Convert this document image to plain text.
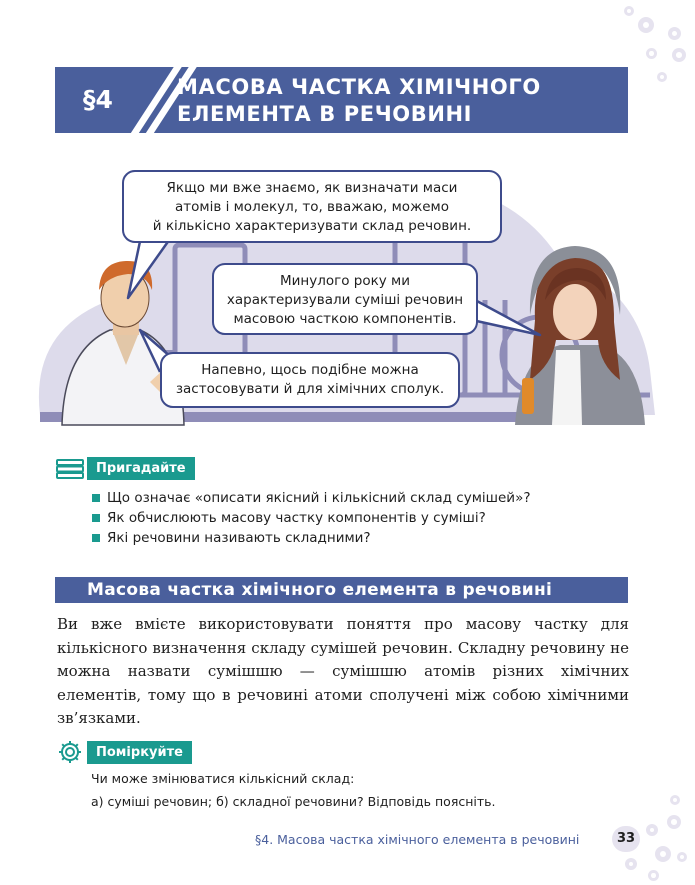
§4	МАСОВА ЧАСТКА ХІМІЧНОГО
ЕЛЕМЕНТА В РЕЧОВИНІ
Якщо ми вже знаємо, як визначати маси
атомів і молекул, то, вважаю, можемо
й кількісно характеризувати склад речовин.
Минулого року ми
характеризували суміші речовин
масовою часткою компонентів.
Напевно, щось подібне можна
застосовувати й для хімічних сполук.
Пригадайте
Що означає «описати якісний і кількісний склад сумішей»?
Як обчислюють масову частку компонентів у суміші?
Які речовини називають складними?
Масова частка хімічного елемента в речовині

Ви вже вмієте використовувати поняття про масову частку для кількісного визначення складу сумішей речовин. Складну речовину не можна назвати сумішшю — сумішшю атомів різних хімічних елементів, тому що в речовині атоми сполучені між собою хімічними зв’язками.

Поміркуйте
Чи може змінюватися кількісний склад:
а) суміші речовин; б) складної речовини? Відповідь поясніть.
§4. Масова частка хімічного елемента в речовині	33
